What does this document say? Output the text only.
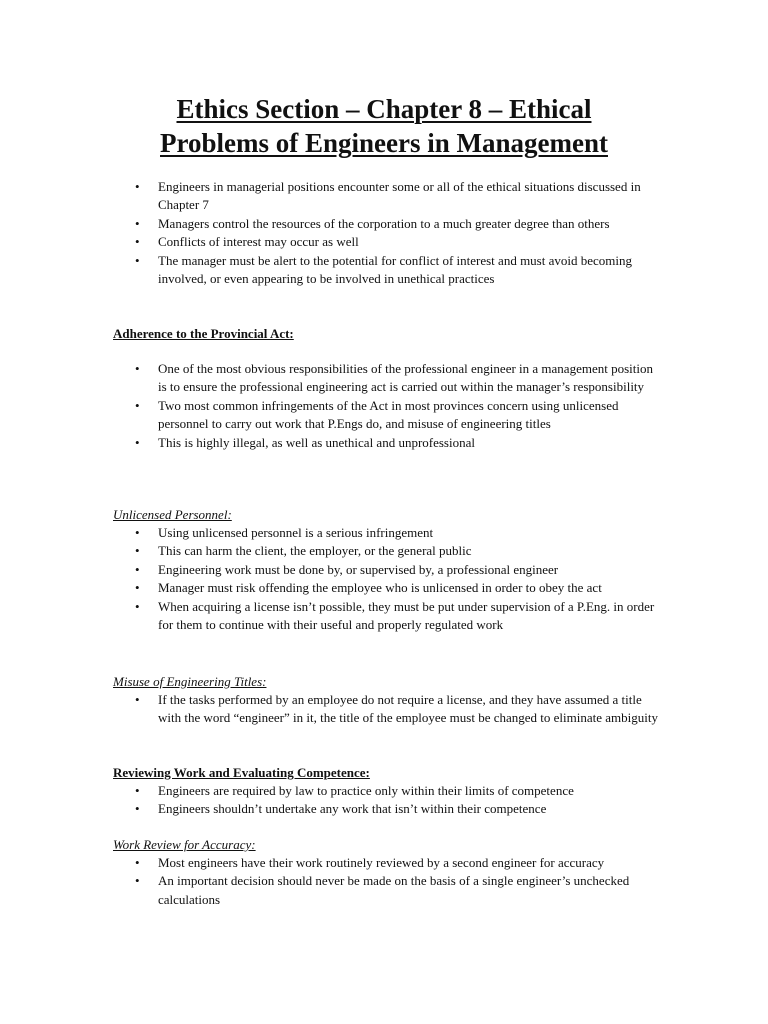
Ethics Section – Chapter 8 – Ethical
Problems of Engineers in Management
• Engineers in managerial positions encounter some or all of the ethical situations discussed in Chapter 7
• Managers control the resources of the corporation to a much greater degree than others
• Conflicts of interest may occur as well
• The manager must be alert to the potential for conflict of interest and must avoid becoming involved, or even appearing to be involved in unethical practices

Adherence to the Provincial Act:

• One of the most obvious responsibilities of the professional engineer in a management position is to ensure the professional engineering act is carried out within the manager’s responsibility
• Two most common infringements of the Act in most provinces concern using unlicensed personnel to carry out work that P.Engs do, and misuse of engineering titles
• This is highly illegal, as well as unethical and unprofessional

Unlicensed Personnel:

• Using unlicensed personnel is a serious infringement
• This can harm the client, the employer, or the general public
• Engineering work must be done by, or supervised by, a professional engineer
• Manager must risk offending the employee who is unlicensed in order to obey the act
• When acquiring a license isn’t possible, they must be put under supervision of a P.Eng. in order for them to continue with their useful and properly regulated work

Misuse of Engineering Titles:

• If the tasks performed by an employee do not require a license, and they have assumed a title with the word “engineer” in it, the title of the employee must be changed to eliminate ambiguity

Reviewing Work and Evaluating Competence:

• Engineers are required by law to practice only within their limits of competence
• Engineers shouldn’t undertake any work that isn’t within their competence

Work Review for Accuracy:

• Most engineers have their work routinely reviewed by a second engineer for accuracy
• An important decision should never be made on the basis of a single engineer’s unchecked calculations
